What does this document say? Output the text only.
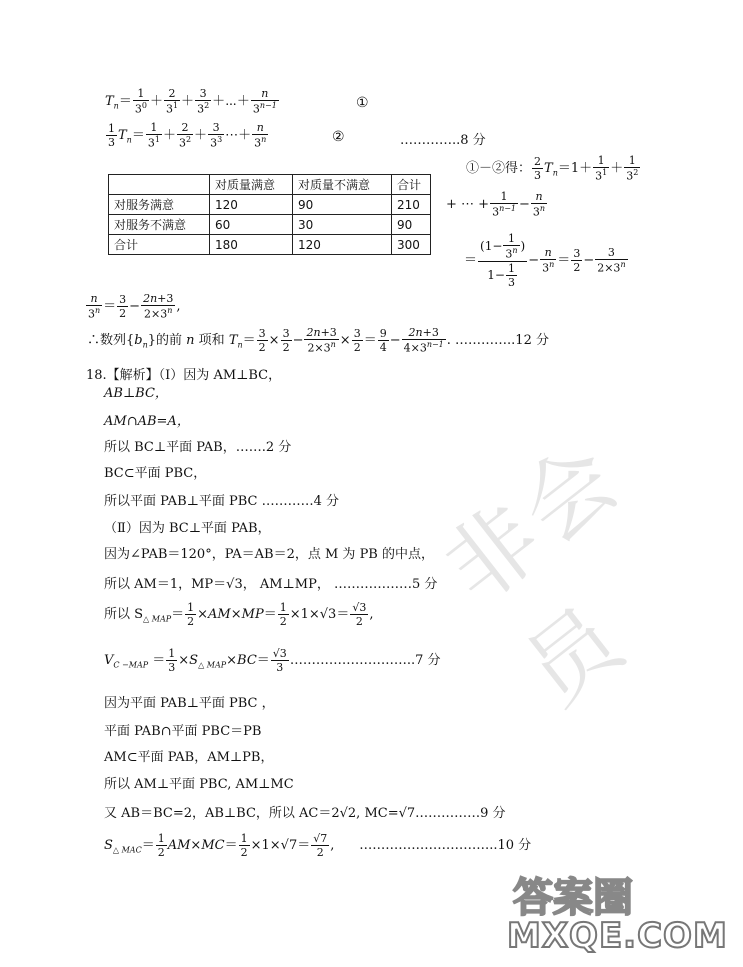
非会员
$T_n= \frac{1}{3^0} + \frac{2}{3^1} + \frac{3}{3^2}$ ＋⋯＋ $\frac{n}{3^{n-1}}$	①
$\frac{1}{3} T_n= \frac{1}{3^1} + \frac{2}{3^2} + \frac{3}{3^3}$ ⋯＋ $\frac{n}{3^n}$	②	…………..8 分
	对质量满意	对质量不满意	合计
对服务满意	120	90	210
对服务不满意	60	30	90
合计	180	120	300
①－②得： $\frac{2}{3} T_n=1+ \frac{1}{3^1} + \frac{1}{3^2}$
+ ⋯ + $\frac{1}{3^{n-1}} - \frac{n}{3^n}$
＝ $\frac{(1- \frac{1}{3^n} )}{1- \frac{1}{3}} - \frac{n}{3^n} = \frac{3}{2} - \frac{3}{2\times 3^n}$
$\frac{n}{3^n} = \frac{3}{2} - \frac{2n+3}{2\times 3^n}$ ,
∴数列$\{b_n\}$的前 n 项和 $T_n= \frac{3}{2} \times \frac{3}{2} - \frac{2n+3}{2\times 3^n} \times \frac{3}{2} = \frac{9}{4} - \frac{2n+3}{4\times 3^{n-1}}$ . …………..12 分
18.【解析】（Ⅰ）因为 AM⊥BC，
AB⊥BC，
AM∩AB=A，
所以 BC⊥平面 PAB，…….2 分
BC⊂平面 PBC，
所以平面 PAB⊥平面 PBC …………4 分
（Ⅱ）因为 BC⊥平面 PAB，
因为∠PAB＝120°，PA＝AB＝2，点 M 为 PB 的中点，
所以 AM＝1，MP＝√3， AM⊥MP， ………………5 分
所以 $S_{\triangle MAP}= \frac{1}{2} \times AM\times MP= \frac{1}{2} \times 1\times√3= \frac{√3}{2}$ ,
$V_{C -MAP} = \frac{1}{3} \times S_{\triangle MAP}\times BC= \frac{√3}{3}$ ………………………..7 分
因为平面 PAB⊥平面 PBC ，
平面 PAB∩平面 PBC＝PB
AM⊂平面 PAB，AM⊥PB，
所以 AM⊥平面 PBC, AM⊥MC
又 AB＝BC=2，AB⊥BC，所以 AC＝2√2, MC=√7……………9 分
$S_{\triangle MAC}= \frac{1}{2} AM\times MC= \frac{1}{2} \times 1\times√7= \frac{√7}{2}$ ,      …………………………..10 分
答案圈
MXQE.COM
